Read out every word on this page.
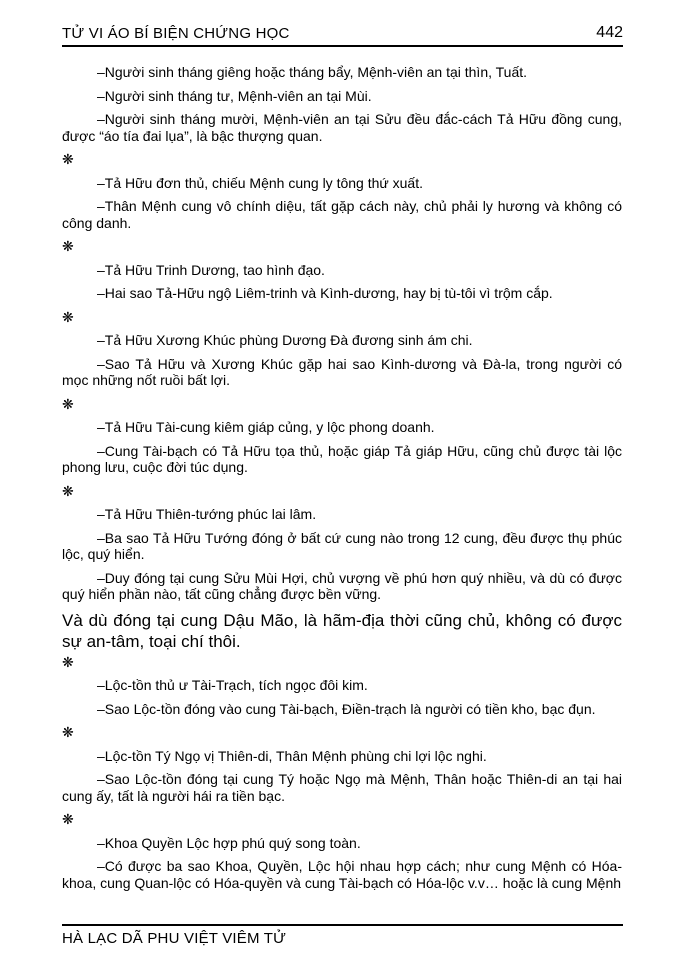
TỬ VI ÁO BÍ BIỆN CHỨNG HỌC	442

–Người sinh tháng giêng hoặc tháng bẩy, Mệnh-viên an tại thìn, Tuất.

–Người sinh tháng tư, Mệnh-viên an tại Mùi.

–Người sinh tháng mười, Mệnh-viên an tại Sửu đều đắc-cách Tả Hữu đồng cung, được “áo tía đai lụa”, là bậc thượng quan.

❋

–Tả Hữu đơn thủ, chiếu Mệnh cung ly tông thứ xuất.

–Thân Mệnh cung vô chính diệu, tất gặp cách này, chủ phải ly hương và không có công danh.

❋

–Tả Hữu Trinh Dương, tao hình đạo.

–Hai sao Tả-Hữu ngộ Liêm-trinh và Kình-dương, hay bị tù-tôi vì trộm cắp.

❋

–Tả Hữu Xương Khúc phùng Dương Đà đương sinh ám chi.

–Sao Tả Hữu và Xương Khúc gặp hai sao Kình-dương và Đà-la, trong người có mọc những nốt ruồi bất lợi.

❋

–Tả Hữu Tài-cung kiêm giáp củng, y lộc phong doanh.

–Cung Tài-bạch có Tả Hữu tọa thủ, hoặc giáp Tả giáp Hữu, cũng chủ được tài lộc phong lưu, cuộc đời túc dụng.

❋

–Tả Hữu Thiên-tướng phúc lai lâm.

–Ba sao Tả Hữu Tướng đóng ở bất cứ cung nào trong 12 cung, đều được thụ phúc lộc, quý hiển.

–Duy đóng tại cung Sửu Mùi Hợi, chủ vượng về phú hơn quý nhiều, và dù có được quý hiển phần nào, tất cũng chẳng được bền vững.

Và dù đóng tại cung Dậu Mão, là hãm-địa thời cũng chủ, không có được sự an-tâm, toại chí thôi.

❋

–Lộc-tồn thủ ư Tài-Trạch, tích ngọc đôi kim.

–Sao Lộc-tồn đóng vào cung Tài-bạch, Điền-trạch là người có tiền kho, bạc đụn.

❋

–Lộc-tồn Tý Ngọ vị Thiên-di, Thân Mệnh phùng chi lợi lộc nghi.

–Sao Lộc-tồn đóng tại cung Tý hoặc Ngọ mà Mệnh, Thân hoặc Thiên-di an tại hai cung ấy, tất là người hái ra tiền bạc.

❋

–Khoa Quyền Lộc hợp phú quý song toàn.

–Có được ba sao Khoa, Quyền, Lộc hội nhau hợp cách; như cung Mệnh có Hóa-khoa, cung Quan-lộc có Hóa-quyền và cung Tài-bạch có Hóa-lộc v.v… hoặc là cung Mệnh

HÀ LẠC DÃ PHU VIỆT VIÊM TỬ
